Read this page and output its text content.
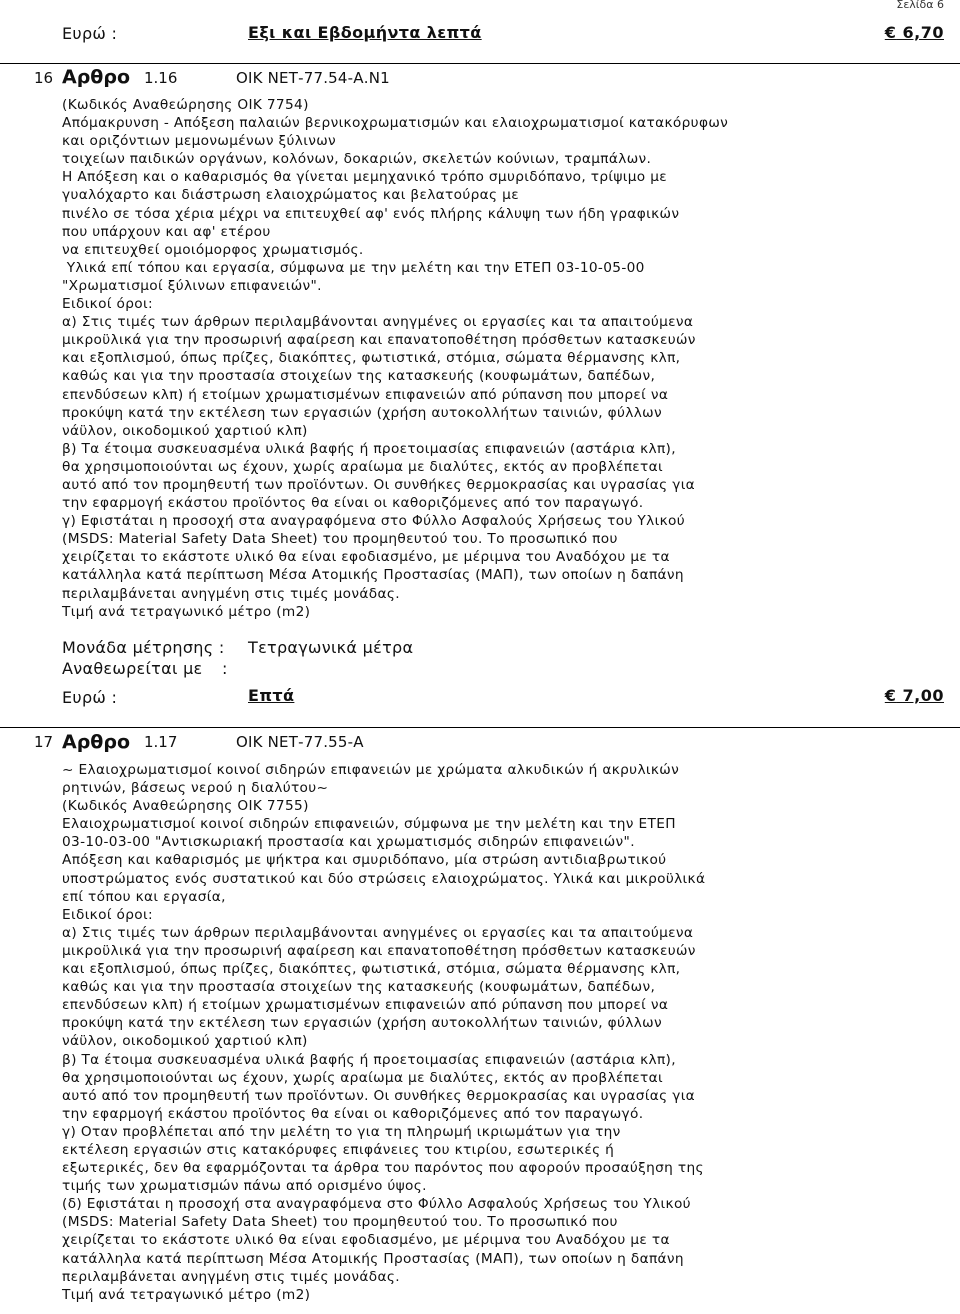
Σελίδα 6
Ευρώ :	Εξι και Εβδομήντα λεπτά	€ 6,70
16 Αρθρο 1.16	ΟΙΚ ΝΕΤ-77.54-Α.Ν1
(Κωδικός Αναθεώρησης ΟΙΚ 7754)
Απόμακρυνση - Απόξεση παλαιών βερνικοχρωματισμών και ελαιοχρωματισμοί κατακόρυφων
και οριζόντιων μεμονωμένων ξύλινων
τοιχείων παιδικών οργάνων, κολόνων, δοκαριών, σκελετών κούνιων, τραμπάλων.
Η Απόξεση και ο καθαρισμός θα γίνεται μεμηχανικό τρόπο σμυριδόπανο, τρίψιμο με
γυαλόχαρτο και διάστρωση ελαιοχρώματος και βελατούρας με
πινέλο σε τόσα χέρια μέχρι να επιτευχθεί αφ' ενός πλήρης κάλυψη των ήδη γραφικών
που υπάρχουν και αφ' ετέρου
να επιτευχθεί ομοιόμορφος χρωματισμός.
Υλικά επί τόπου και εργασία, σύμφωνα με την μελέτη και την ΕΤΕΠ 03-10-05-00
"Χρωματισμοί ξύλινων επιφανειών".
Ειδικοί όροι:
α) Στις τιμές των άρθρων περιλαμβάνονται ανηγμένες οι εργασίες και τα απαιτούμενα
μικροϋλικά για την προσωρινή αφαίρεση και επανατοποθέτηση πρόσθετων κατασκευών
και εξοπλισμού, όπως πρίζες, διακόπτες, φωτιστικά, στόμια, σώματα θέρμανσης κλπ,
καθώς και για την προστασία στοιχείων της κατασκευής (κουφωμάτων, δαπέδων,
επενδύσεων κλπ) ή ετοίμων χρωματισμένων επιφανειών από ρύπανση που μπορεί να
προκύψη κατά την εκτέλεση των εργασιών (χρήση αυτοκολλήτων ταινιών, φύλλων
νάϋλον, οικοδομικού χαρτιού κλπ)
β) Τα έτοιμα συσκευασμένα υλικά βαφής ή προετοιμασίας επιφανειών (αστάρια κλπ),
θα χρησιμοποιούνται ως έχουν, χωρίς αραίωμα με διαλύτες, εκτός αν προβλέπεται
αυτό από τον προμηθευτή των προϊόντων. Οι συνθήκες θερμοκρασίας και υγρασίας για
την εφαρμογή εκάστου προϊόντος θα είναι οι καθοριζόμενες από τον παραγωγό.
γ) Εφιστάται η προσοχή στα αναγραφόμενα στο Φύλλο Ασφαλούς Χρήσεως του Υλικού
(MSDS: Material Safety Data Sheet) του προμηθευτού του. Το προσωπικό που
χειρίζεται το εκάστοτε υλικό θα είναι εφοδιασμένο, με μέριμνα του Αναδόχου με τα
κατάλληλα κατά περίπτωση Μέσα Ατομικής Προστασίας (ΜΑΠ), των οποίων η δαπάνη
περιλαμβάνεται ανηγμένη στις τιμές μονάδας.
Τιμή ανά τετραγωνικό μέτρο (m2)
Μονάδα μέτρησης : Τετραγωνικά μέτρα
Αναθεωρείται με :
Ευρώ :	Επτά	€ 7,00
17 Αρθρο 1.17	ΟΙΚ ΝΕΤ-77.55-Α
~ Ελαιοχρωματισμοί κοινοί σιδηρών επιφανειών με χρώματα αλκυδικών ή ακρυλικών
ρητινών, βάσεως νερού η διαλύτου~
(Κωδικός Αναθεώρησης ΟΙΚ 7755)
Ελαιοχρωματισμοί κοινοί σιδηρών επιφανειών, σύμφωνα με την μελέτη και την ΕΤΕΠ
03-10-03-00 "Αντισκωριακή προστασία και χρωματισμός σιδηρών επιφανειών".
Απόξεση και καθαρισμός με ψήκτρα και σμυριδόπανο, μία στρώση αντιδιαβρωτικού
υποστρώματος ενός συστατικού και δύο στρώσεις ελαιοχρώματος. Υλικά και μικροϋλικά
επί τόπου και εργασία,
Ειδικοί όροι:
α) Στις τιμές των άρθρων περιλαμβάνονται ανηγμένες οι εργασίες και τα απαιτούμενα
μικροϋλικά για την προσωρινή αφαίρεση και επανατοποθέτηση πρόσθετων κατασκευών
και εξοπλισμού, όπως πρίζες, διακόπτες, φωτιστικά, στόμια, σώματα θέρμανσης κλπ,
καθώς και για την προστασία στοιχείων της κατασκευής (κουφωμάτων, δαπέδων,
επενδύσεων κλπ) ή ετοίμων χρωματισμένων επιφανειών από ρύπανση που μπορεί να
προκύψη κατά την εκτέλεση των εργασιών (χρήση αυτοκολλήτων ταινιών, φύλλων
νάϋλον, οικοδομικού χαρτιού κλπ)
β) Τα έτοιμα συσκευασμένα υλικά βαφής ή προετοιμασίας επιφανειών (αστάρια κλπ),
θα χρησιμοποιούνται ως έχουν, χωρίς αραίωμα με διαλύτες, εκτός αν προβλέπεται
αυτό από τον προμηθευτή των προϊόντων. Οι συνθήκες θερμοκρασίας και υγρασίας για
την εφαρμογή εκάστου προϊόντος θα είναι οι καθοριζόμενες από τον παραγωγό.
γ) Οταν προβλέπεται από την μελέτη το για τη πληρωμή ικριωμάτων για την
εκτέλεση εργασιών στις κατακόρυφες επιφάνειες του κτιρίου, εσωτερικές ή
εξωτερικές, δεν θα εφαρμόζονται τα άρθρα του παρόντος που αφορούν προσαύξηση της
τιμής των χρωματισμών πάνω από ορισμένο ύψος.
(δ) Εφιστάται η προσοχή στα αναγραφόμενα στο Φύλλο Ασφαλούς Χρήσεως του Υλικού
(MSDS: Material Safety Data Sheet) του προμηθευτού του. Το προσωπικό που
χειρίζεται το εκάστοτε υλικό θα είναι εφοδιασμένο, με μέριμνα του Αναδόχου με τα
κατάλληλα κατά περίπτωση Μέσα Ατομικής Προστασίας (ΜΑΠ), των οποίων η δαπάνη
περιλαμβάνεται ανηγμένη στις τιμές μονάδας.
Τιμή ανά τετραγωνικό μέτρο (m2)
